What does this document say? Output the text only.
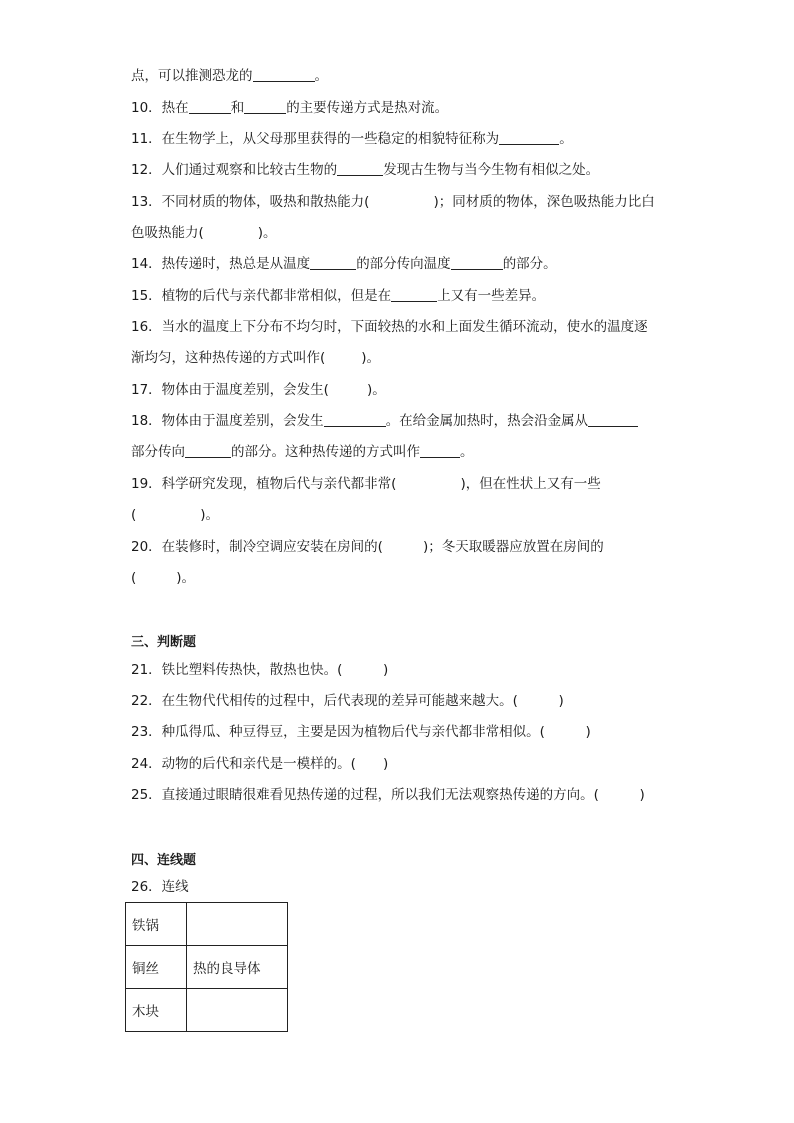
点，可以推测恐龙的	。
10．热在	和	的主要传递方式是热对流。
11．在生物学上，从父母那里获得的一些稳定的相貌特征称为	。
12．人们通过观察和比较古生物的	发现古生物与当今生物有相似之处。
13．不同材质的物体，吸热和散热能力(	)；同材质的物体，深色吸热能力比白
色吸热能力(	)。
14．热传递时，热总是从温度	的部分传向温度	的部分。
15．植物的后代与亲代都非常相似，但是在	上又有一些差异。
16．当水的温度上下分布不均匀时，下面较热的水和上面发生循环流动，使水的温度逐
渐均匀，这种热传递的方式叫作(	)。
17．物体由于温度差别，会发生(	)。
18．物体由于温度差别，会发生	。在给金属加热时，热会沿金属从
部分传向	的部分。这种热传递的方式叫作	。
19．科学研究发现，植物后代与亲代都非常(	)，但在性状上又有一些
(	)。
20．在装修时，制冷空调应安装在房间的(	)；冬天取暖器应放置在房间的
(	)。
三、判断题
21．铁比塑料传热快，散热也快。(　　　)
22．在生物代代相传的过程中，后代表现的差异可能越来越大。(　　　)
23．种瓜得瓜、种豆得豆，主要是因为植物后代与亲代都非常相似。(　　　)
24．动物的后代和亲代是一模样的。(　　)
25．直接通过眼睛很难看见热传递的过程，所以我们无法观察热传递的方向。(　　　)
四、连线题
26．连线
铁锅	
铜丝	热的良导体
木块	
